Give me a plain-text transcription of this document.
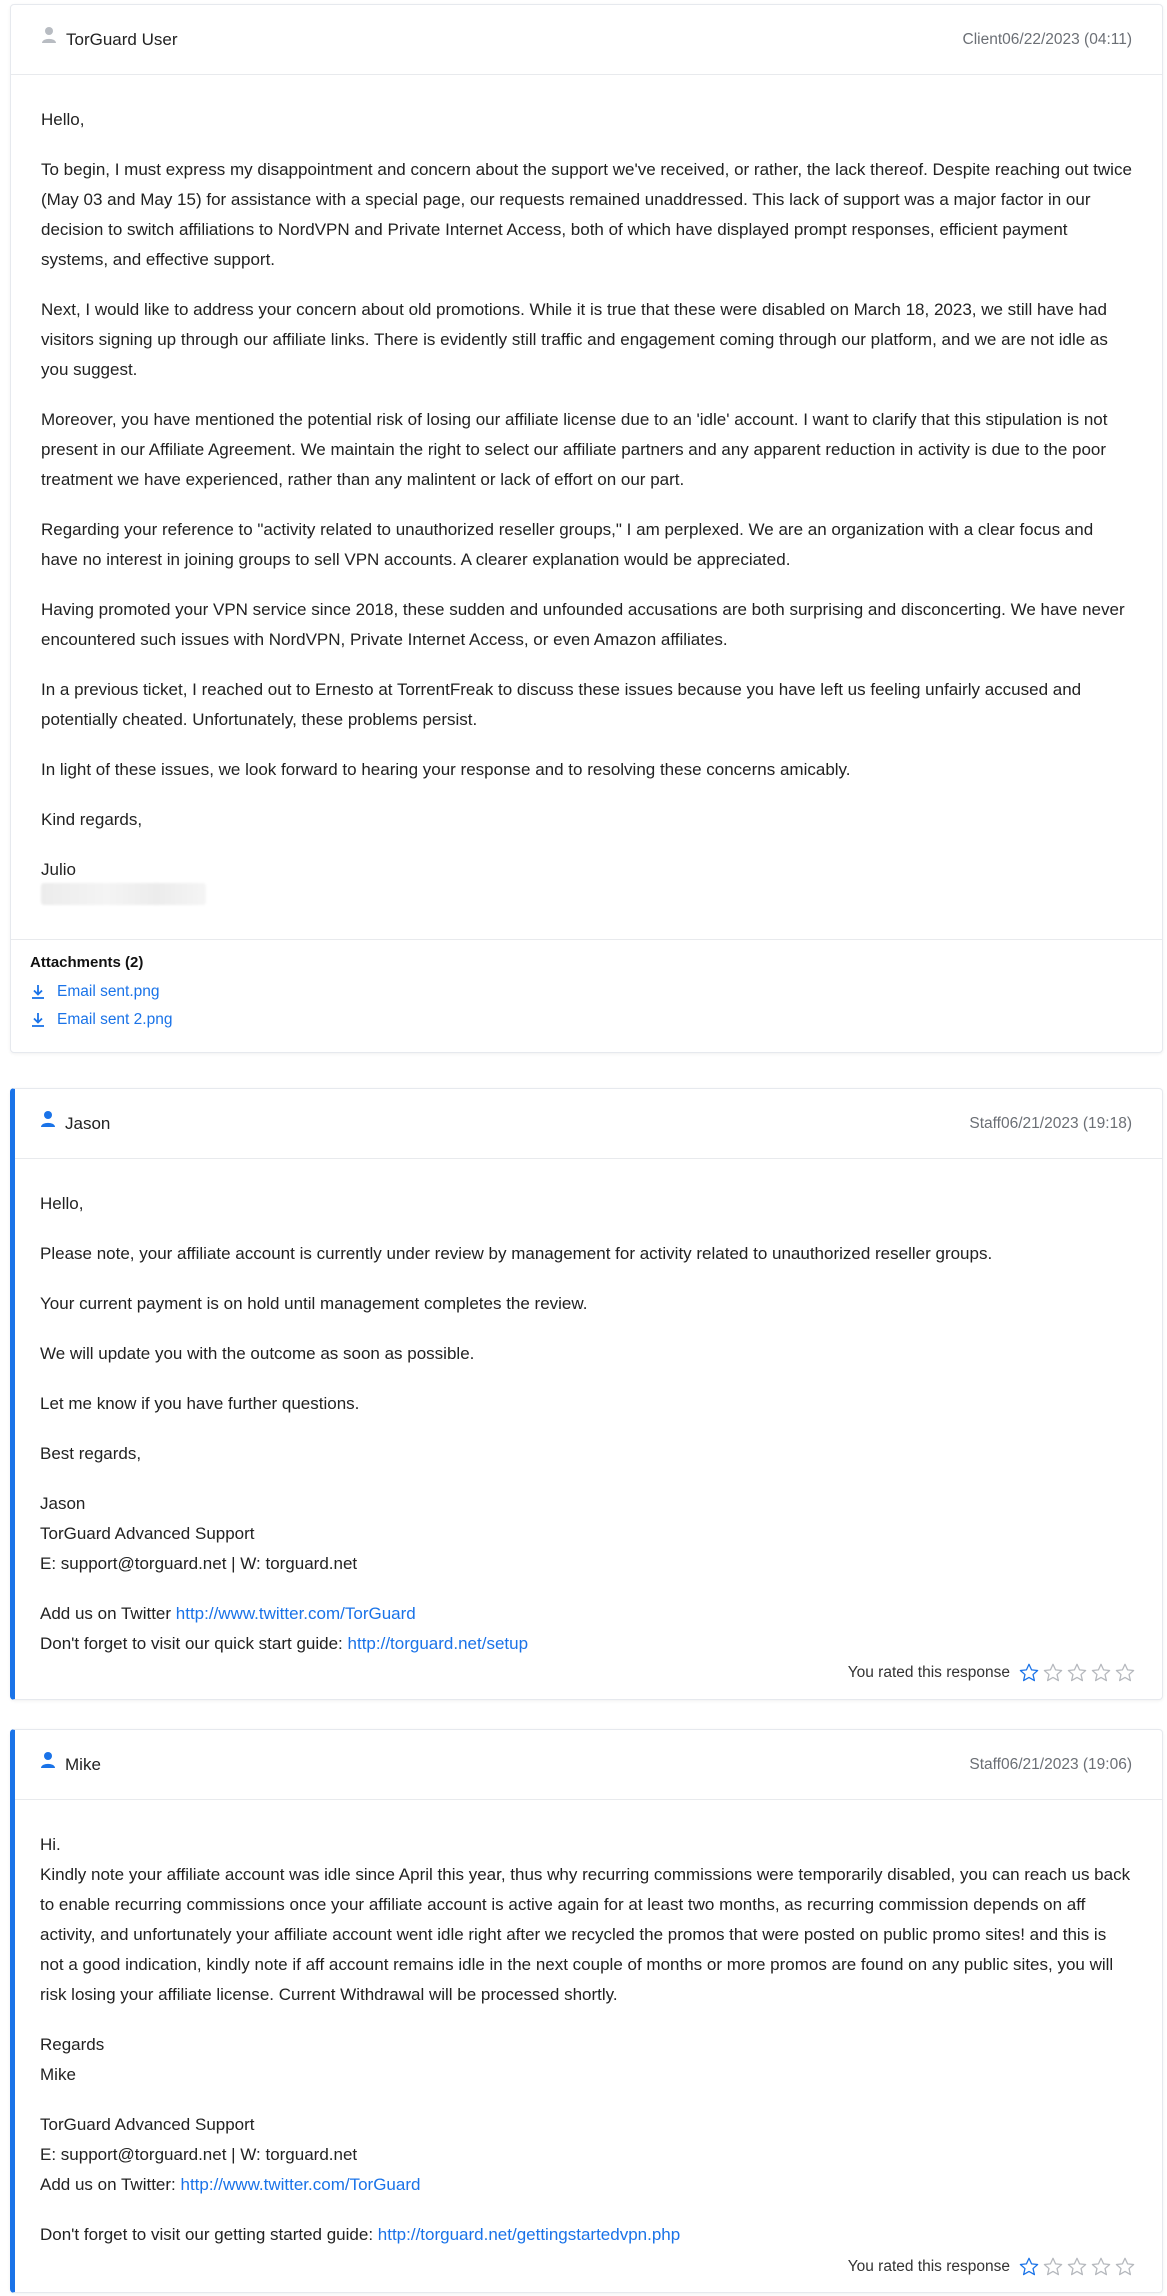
TorGuard User	Client06/22/2023 (04:11)

Hello,

To begin, I must express my disappointment and concern about the support we've received, or rather, the lack thereof. Despite reaching out twice (May 03 and May 15) for assistance with a special page, our requests remained unaddressed. This lack of support was a major factor in our decision to switch affiliations to NordVPN and Private Internet Access, both of which have displayed prompt responses, efficient payment systems, and effective support.

Next, I would like to address your concern about old promotions. While it is true that these were disabled on March 18, 2023, we still have had visitors signing up through our affiliate links. There is evidently still traffic and engagement coming through our platform, and we are not idle as you suggest.

Moreover, you have mentioned the potential risk of losing our affiliate license due to an 'idle' account. I want to clarify that this stipulation is not present in our Affiliate Agreement. We maintain the right to select our affiliate partners and any apparent reduction in activity is due to the poor treatment we have experienced, rather than any malintent or lack of effort on our part.

Regarding your reference to "activity related to unauthorized reseller groups," I am perplexed. We are an organization with a clear focus and have no interest in joining groups to sell VPN accounts. A clearer explanation would be appreciated.

Having promoted your VPN service since 2018, these sudden and unfounded accusations are both surprising and disconcerting. We have never encountered such issues with NordVPN, Private Internet Access, or even Amazon affiliates.

In a previous ticket, I reached out to Ernesto at TorrentFreak to discuss these issues because you have left us feeling unfairly accused and potentially cheated. Unfortunately, these problems persist.

In light of these issues, we look forward to hearing your response and to resolving these concerns amicably.

Kind regards,

Julio

Attachments (2)
Email sent.png
Email sent 2.png
Jason	Staff06/21/2023 (19:18)

Hello,

Please note, your affiliate account is currently under review by management for activity related to unauthorized reseller groups.

Your current payment is on hold until management completes the review.

We will update you with the outcome as soon as possible.

Let me know if you have further questions.

Best regards,

Jason

TorGuard Advanced Support

E: support@torguard.net | W: torguard.net

Add us on Twitter http://www.twitter.com/TorGuard

Don't forget to visit our quick start guide: http://torguard.net/setup

You rated this response
Mike	Staff06/21/2023 (19:06)

Hi.

Kindly note your affiliate account was idle since April this year, thus why recurring commissions were temporarily disabled, you can reach us back to enable recurring commissions once your affiliate account is active again for at least two months, as recurring commission depends on aff activity, and unfortunately your affiliate account went idle right after we recycled the promos that were posted on public promo sites! and this is not a good indication, kindly note if aff account remains idle in the next couple of months or more promos are found on any public sites, you will risk losing your affiliate license. Current Withdrawal will be processed shortly.

Regards

Mike

TorGuard Advanced Support

E: support@torguard.net | W: torguard.net

Add us on Twitter: http://www.twitter.com/TorGuard

Don't forget to visit our getting started guide: http://torguard.net/gettingstartedvpn.php

You rated this response
